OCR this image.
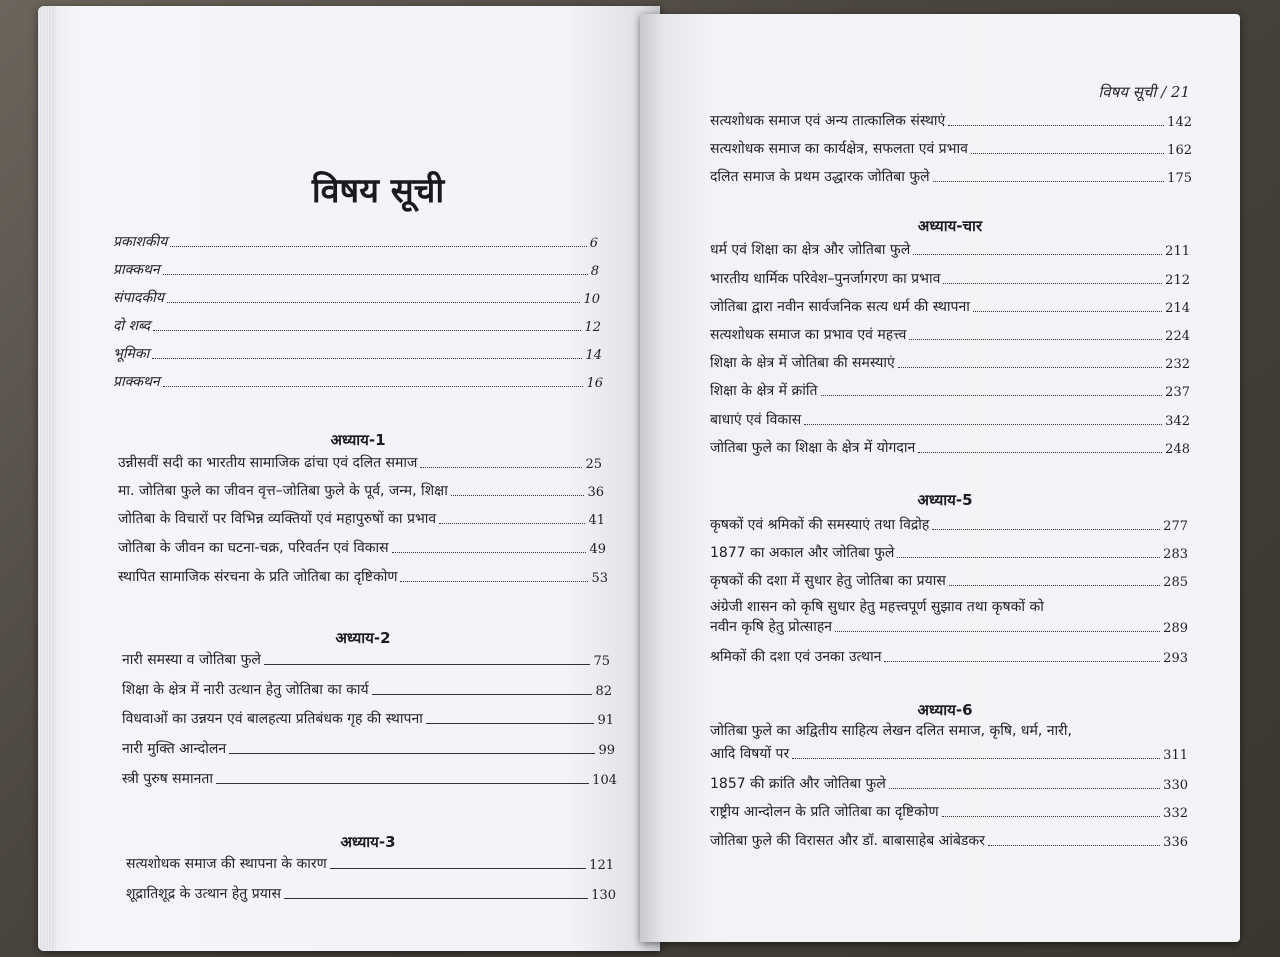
विषय सूची
प्रकाशकीय	6
प्राक्कथन	8
संपादकीय	10
दो शब्द	12
भूमिका	14
प्राक्कथन	16
अध्याय-1
उन्नीसवीं सदी का भारतीय सामाजिक ढांचा एवं दलित समाज	25
मा. जोतिबा फुले का जीवन वृत्त–जोतिबा फुले के पूर्व, जन्म, शिक्षा	36
जोतिबा के विचारों पर विभिन्न व्यक्तियों एवं महापुरुषों का प्रभाव	41
जोतिबा के जीवन का घटना-चक्र, परिवर्तन एवं विकास	49
स्थापित सामाजिक संरचना के प्रति जोतिबा का दृष्टिकोण	53
अध्याय-2
नारी समस्या व जोतिबा फुले	75
शिक्षा के क्षेत्र में नारी उत्थान हेतु जोतिबा का कार्य	82
विधवाओं का उन्नयन एवं बालहत्या प्रतिबंधक गृह की स्थापना	91
नारी मुक्ति आन्दोलन	99
स्त्री पुरुष समानता	104
अध्याय-3
सत्यशोधक समाज की स्थापना के कारण	121
शूद्रातिशूद्र के उत्थान हेतु प्रयास	130
विषय सूची / 21
सत्यशोधक समाज एवं अन्य तात्कालिक संस्थाएं	142
सत्यशोधक समाज का कार्यक्षेत्र, सफलता एवं प्रभाव	162
दलित समाज के प्रथम उद्धारक जोतिबा फुले	175
अध्याय-चार
धर्म एवं शिक्षा का क्षेत्र और जोतिबा फुले	211
भारतीय धार्मिक परिवेश–पुनर्जागरण का प्रभाव	212
जोतिबा द्वारा नवीन सार्वजनिक सत्य धर्म की स्थापना	214
सत्यशोधक समाज का प्रभाव एवं महत्त्व	224
शिक्षा के क्षेत्र में जोतिबा की समस्याएं	232
शिक्षा के क्षेत्र में क्रांति	237
बाधाएं एवं विकास	342
जोतिबा फुले का शिक्षा के क्षेत्र में योगदान	248
अध्याय-5
कृषकों एवं श्रमिकों की समस्याएं तथा विद्रोह	277
1877 का अकाल और जोतिबा फुले	283
कृषकों की दशा में सुधार हेतु जोतिबा का प्रयास	285
अंग्रेजी शासन को कृषि सुधार हेतु महत्त्वपूर्ण सुझाव तथा कृषकों को
नवीन कृषि हेतु प्रोत्साहन	289
श्रमिकों की दशा एवं उनका उत्थान	293
अध्याय-6
जोतिबा फुले का अद्वितीय साहित्य लेखन दलित समाज, कृषि, धर्म, नारी,
आदि विषयों पर	311
1857 की क्रांति और जोतिबा फुले	330
राष्ट्रीय आन्दोलन के प्रति जोतिबा का दृष्टिकोण	332
जोतिबा फुले की विरासत और डॉ. बाबासाहेब आंबेडकर	336
